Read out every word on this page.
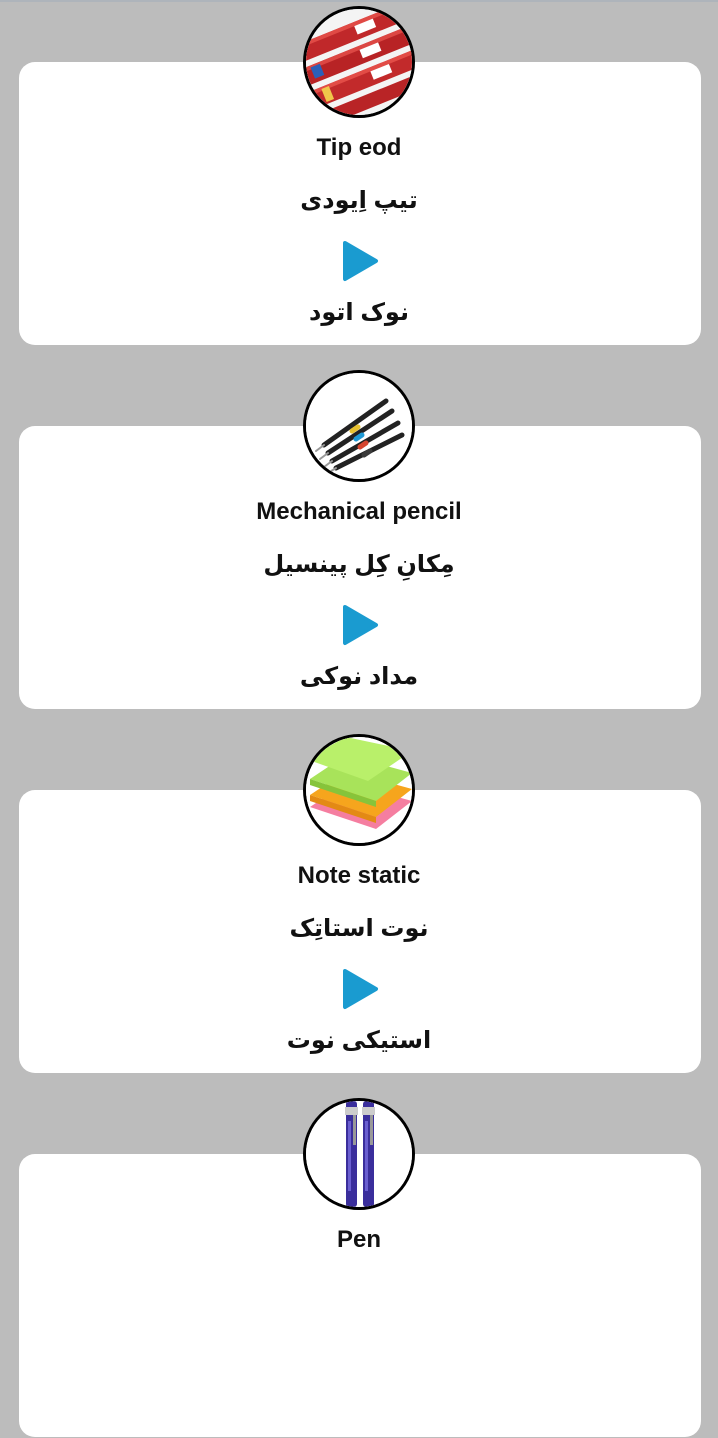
Tip eod
تیپ اِیودی
نوک اتود
Mechanical pencil
مِکانِ کِل پینسیل
مداد نوکی
Note static
نوت استاتِک
استیکی نوت
Pen
